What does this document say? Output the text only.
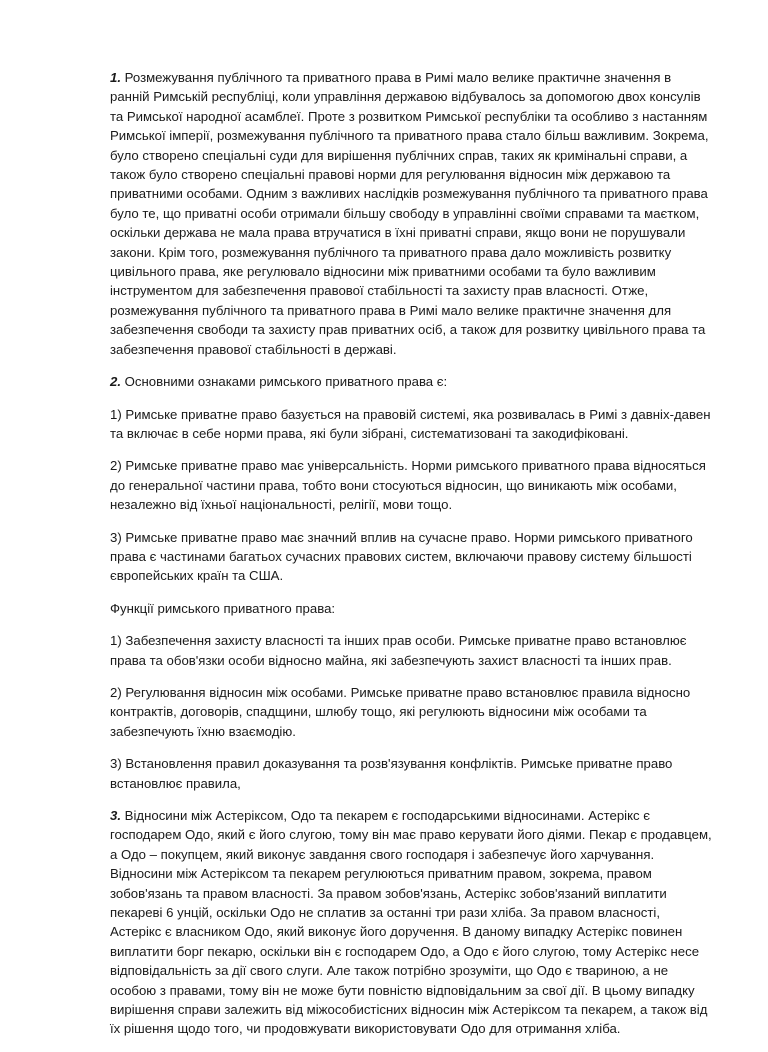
1. Розмежування публічного та приватного права в Римі мало велике практичне значення в ранній Римській республіці, коли управління державою відбувалось за допомогою двох консулів та Римської народної асамблеї. Проте з розвитком Римської республіки та особливо з настанням Римської імперії, розмежування публічного та приватного права стало більш важливим. Зокрема, було створено спеціальні суди для вирішення публічних справ, таких як кримінальні справи, а також було створено спеціальні правові норми для регулювання відносин між державою та приватними особами. Одним з важливих наслідків розмежування публічного та приватного права було те, що приватні особи отримали більшу свободу в управлінні своїми справами та маєтком, оскільки держава не мала права втручатися в їхні приватні справи, якщо вони не порушували закони. Крім того, розмежування публічного та приватного права дало можливість розвитку цивільного права, яке регулювало відносини між приватними особами та було важливим інструментом для забезпечення правової стабільності та захисту прав власності. Отже, розмежування публічного та приватного права в Римі мало велике практичне значення для забезпечення свободи та захисту прав приватних осіб, а також для розвитку цивільного права та забезпечення правової стабільності в державі.

2. Основними ознаками римського приватного права є:

1) Римське приватне право базується на правовій системі, яка розвивалась в Римі з давніх-давен та включає в себе норми права, які були зібрані, систематизовані та закодифіковані.

2) Римське приватне право має універсальність. Норми римського приватного права відносяться до генеральної частини права, тобто вони стосуються відносин, що виникають між особами, незалежно від їхньої національності, релігії, мови тощо.

3) Римське приватне право має значний вплив на сучасне право. Норми римського приватного права є частинами багатьох сучасних правових систем, включаючи правову систему більшості європейських країн та США.

Функції римського приватного права:

1) Забезпечення захисту власності та інших прав особи. Римське приватне право встановлює права та обов'язки особи відносно майна, які забезпечують захист власності та інших прав.

2) Регулювання відносин між особами. Римське приватне право встановлює правила відносно контрактів, договорів, спадщини, шлюбу тощо, які регулюють відносини між особами та забезпечують їхню взаємодію.

3) Встановлення правил доказування та розв'язування конфліктів. Римське приватне право встановлює правила,

3. Відносини між Астеріксом, Одо та пекарем є господарськими відносинами. Астерікс є господарем Одо, який є його слугою, тому він має право керувати його діями. Пекар є продавцем, а Одо – покупцем, який виконує завдання свого господаря і забезпечує його харчування. Відносини між Астеріксом та пекарем регулюються приватним правом, зокрема, правом зобов'язань та правом власності. За правом зобов'язань, Астерікс зобов'язаний виплатити пекареві 6 унцій, оскільки Одо не сплатив за останні три рази хліба. За правом власності, Астерікс є власником Одо, який виконує його доручення. В даному випадку Астерікс повинен виплатити борг пекарю, оскільки він є господарем Одо, а Одо є його слугою, тому Астерікс несе відповідальність за дії свого слуги. Але також потрібно зрозуміти, що Одо є твариною, а не особою з правами, тому він не може бути повністю відповідальним за свої дії. В цьому випадку вирішення справи залежить від міжособистісних відносин між Астеріксом та пекарем, а також від їх рішення щодо того, чи продовжувати використовувати Одо для отримання хліба.
